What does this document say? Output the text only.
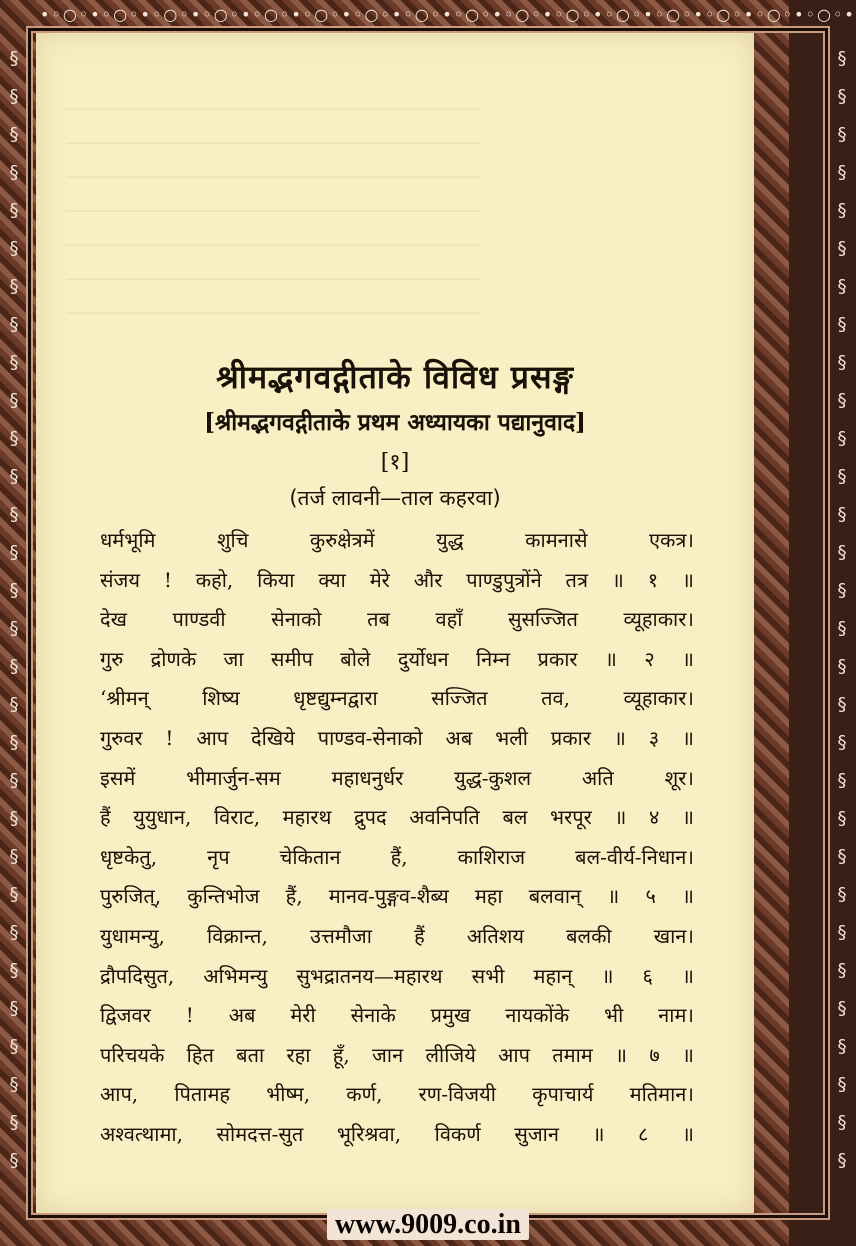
•◦○◦•◦○◦•◦○◦•◦○◦•◦○◦•◦○◦•◦○◦•◦○◦•◦○◦•◦○◦•◦○◦•◦○◦•◦○◦•◦○◦•◦○◦•◦○◦•
§
§
§
§
§
§
§
§
§
§
§
§
§
§
§
§
§
§
§
§
§
§
§
§
§
§
§
§
§
§
§
§
§
§
§
§
§
§
§
§
§
§
§
§
§
§
§
§
§
§
§
§
§
§
§
§
§
§
§
§
─────────────────────────────────────────────────
─────────────────────────────────────────────────
─────────────────────────────────────────────────
─────────────────────────────────────────────────
─────────────────────────────────────────────────
─────────────────────────────────────────────────
─────────────────────────────────────────────────
श्रीमद्भगवद्गीताके विविध प्रसङ्ग
[श्रीमद्भगवद्गीताके प्रथम अध्यायका पद्यानुवाद]
[१]
(तर्ज लावनी—ताल कहरवा)
धर्मभूमि शुचि कुरुक्षेत्रमें युद्ध कामनासे एकत्र।
संजय ! कहो, किया क्या मेरे और पाण्डुपुत्रोंने तत्र ॥ १ ॥
देख पाण्डवी सेनाको तब वहाँ सुसज्जित व्यूहाकार।
गुरु द्रोणके जा समीप बोले दुर्योधन निम्न प्रकार ॥ २ ॥
‘श्रीमन् शिष्य धृष्टद्युम्नद्वारा सज्जित तव, व्यूहाकार।
गुरुवर ! आप देखिये पाण्डव-सेनाको अब भली प्रकार ॥ ३ ॥
इसमें भीमार्जुन-सम महाधनुर्धर युद्ध-कुशल अति शूर।
हैं युयुधान, विराट, महारथ द्रुपद अवनिपति बल भरपूर ॥ ४ ॥
धृष्टकेतु, नृप चेकितान हैं, काशिराज बल-वीर्य-निधान।
पुरुजित्, कुन्तिभोज हैं, मानव-पुङ्गव-शैब्य महा बलवान् ॥ ५ ॥
युधामन्यु, विक्रान्त, उत्तमौजा हैं अतिशय बलकी खान।
द्रौपदिसुत, अभिमन्यु सुभद्रातनय—महारथ सभी महान् ॥ ६ ॥
द्विजवर ! अब मेरी सेनाके प्रमुख नायकोंके भी नाम।
परिचयके हित बता रहा हूँ, जान लीजिये आप तमाम ॥ ७ ॥
आप, पितामह भीष्म, कर्ण, रण-विजयी कृपाचार्य मतिमान।
अश्वत्थामा, सोमदत्त-सुत भूरिश्रवा, विकर्ण सुजान ॥ ८ ॥
www.9009.co.in
